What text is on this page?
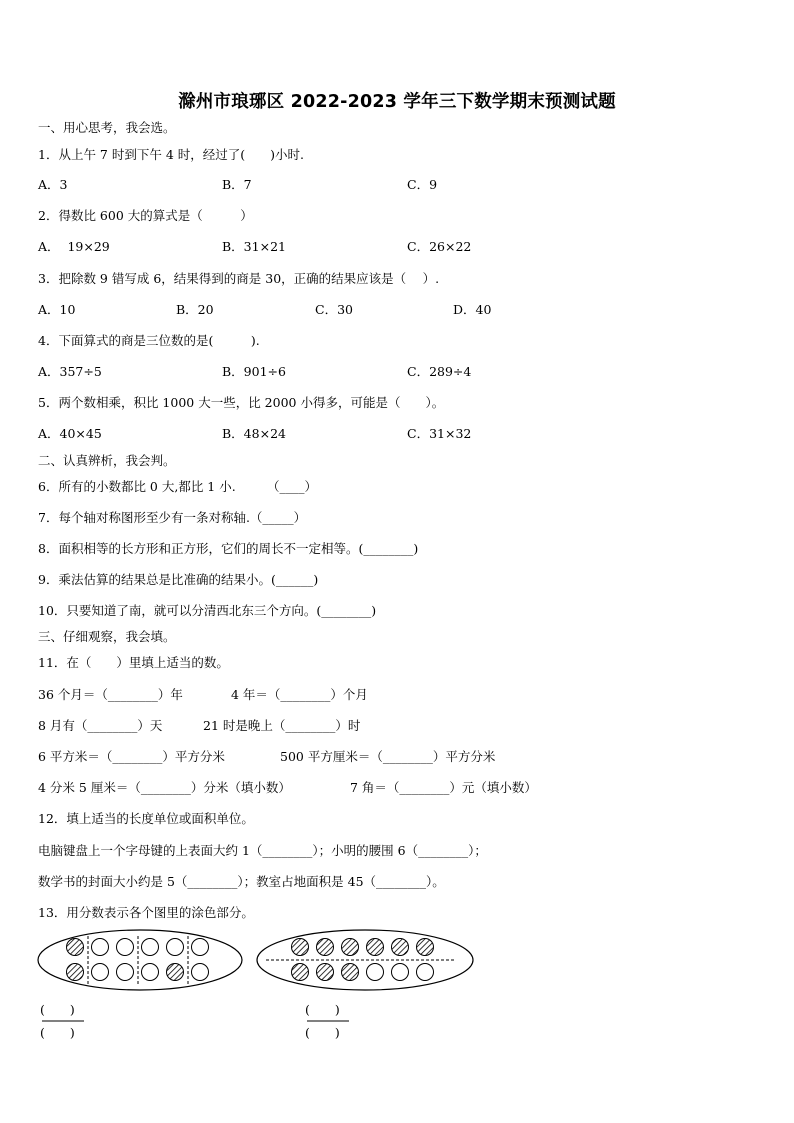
滁州市琅琊区 2022-2023 学年三下数学期末预测试题
一、用心思考，我会选。
1．从上午 7 时到下午 4 时，经过了(　　)小时.
A．3	B．7	C．9
2．得数比 600 大的算式是（　　　）
A．  19×29	B．31×21	C．26×22
3．把除数 9 错写成 6，结果得到的商是 30，正确的结果应该是（　 ）.
A．10	B．20	C．30	D．40
4．下面算式的商是三位数的是(　　　).
A．357÷5	B．901÷6	C．289÷4
5．两个数相乘，积比 1000 大一些，比 2000 小得多，可能是（　　）。
A．40×45	B．48×24	C．31×32
二、认真辨析，我会判。
6．所有的小数都比 0 大,都比 1 小.　　　（____）
7．每个轴对称图形至少有一条对称轴.（_____）
8．面积相等的长方形和正方形，它们的周长不一定相等。(________)
9．乘法估算的结果总是比准确的结果小。(______)
10．只要知道了南，就可以分清西北东三个方向。(________)
三、仔细观察，我会填。
11．在（　　）里填上适当的数。
36 个月＝（________）年	4 年＝（________）个月
8 月有（________）天	21 时是晚上（________）时
6 平方米＝（________）平方分米	500 平方厘米＝（________）平方分米
4 分米 5 厘米＝（________）分米（填小数）	7 角＝（________）元（填小数）
12．填上适当的长度单位或面积单位。
电脑键盘上一个字母键的上表面大约 1（________）；小明的腰围 6（________）；
数学书的封面大小约是 5（________）；教室占地面积是 45（________）。
13．用分数表示各个图里的涂色部分。
(　　)
(　　)
(　　)
(　　)
